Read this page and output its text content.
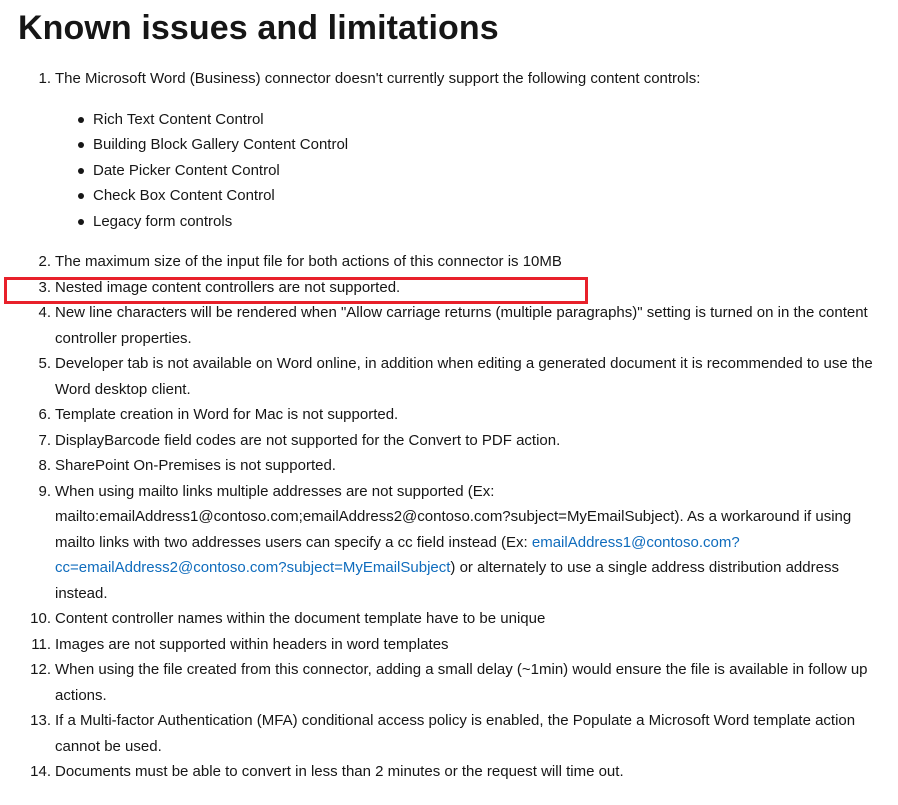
Known issues and limitations
1. The Microsoft Word (Business) connector doesn't currently support the following content controls:
Rich Text Content Control
Building Block Gallery Content Control
Date Picker Content Control
Check Box Content Control
Legacy form controls
2. The maximum size of the input file for both actions of this connector is 10MB
3. Nested image content controllers are not supported.
4. New line characters will be rendered when "Allow carriage returns (multiple paragraphs)" setting is turned on in the content controller properties.
5. Developer tab is not available on Word online, in addition when editing a generated document it is recommended to use the Word desktop client.
6. Template creation in Word for Mac is not supported.
7. DisplayBarcode field codes are not supported for the Convert to PDF action.
8. SharePoint On-Premises is not supported.
9. When using mailto links multiple addresses are not supported (Ex: mailto:emailAddress1@contoso.com;emailAddress2@contoso.com?subject=MyEmailSubject). As a workaround if using mailto links with two addresses users can specify a cc field instead (Ex: emailAddress1@contoso.com?cc=emailAddress2@contoso.com?subject=MyEmailSubject) or alternately to use a single address distribution address instead.
10. Content controller names within the document template have to be unique
11. Images are not supported within headers in word templates
12. When using the file created from this connector, adding a small delay (~1min) would ensure the file is available in follow up actions.
13. If a Multi-factor Authentication (MFA) conditional access policy is enabled, the Populate a Microsoft Word template action cannot be used.
14. Documents must be able to convert in less than 2 minutes or the request will time out.
